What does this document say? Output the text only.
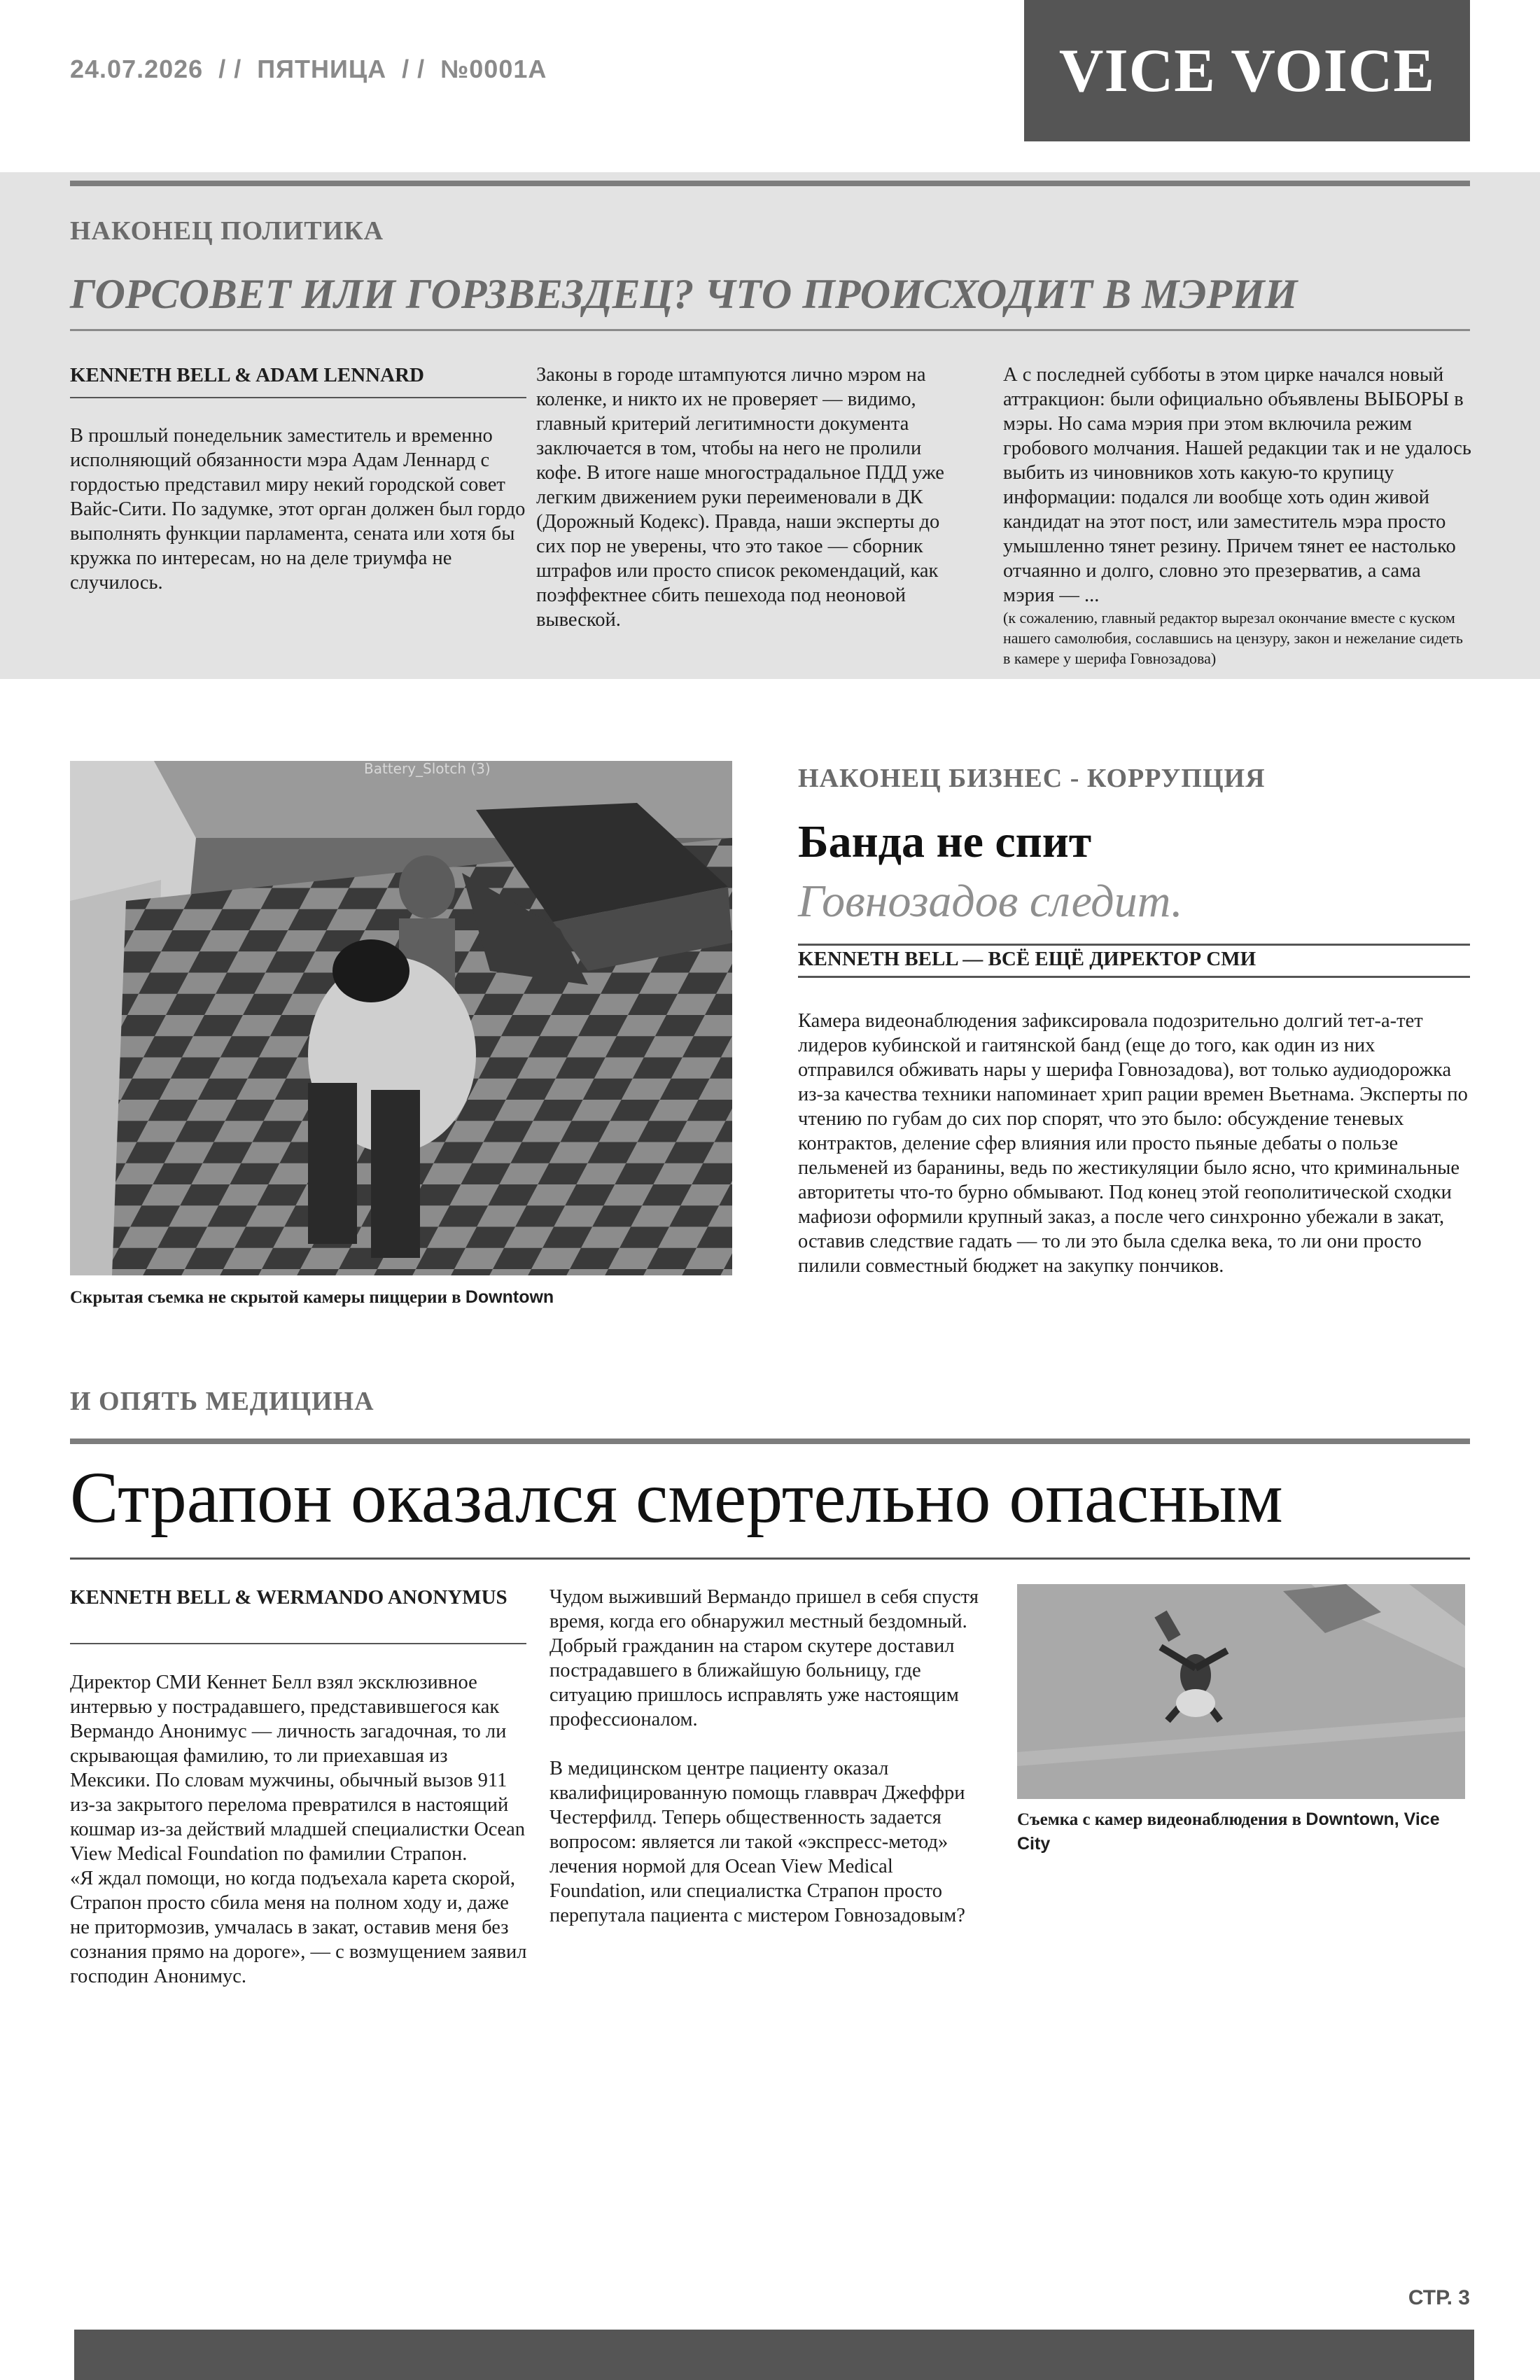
24.07.2026 / / ПЯТНИЦА / / №0001A	VICE VOICE
НАКОНЕЦ ПОЛИТИКА
ГОРСОВЕТ ИЛИ ГОРЗВЕЗДЕЦ? ЧТО ПРОИСХОДИТ В МЭРИИ
KENNETH BELL & ADAM LENNARD
В прошлый понедельник заместитель и временно исполняющий обязанности мэра Адам Леннард с гордостью представил миру некий городской совет Вайс-Сити. По задумке, этот орган должен был гордо выполнять функции парламента, сената или хотя бы кружка по интересам, но на деле триумфа не случилось.
Законы в городе штампуются лично мэром на коленке, и никто их не проверяет — видимо, главный критерий легитимности документа заключается в том, чтобы на него не пролили кофе. В итоге наше многострадальное ПДД уже легким движением руки переименовали в ДК (Дорожный Кодекс). Правда, наши эксперты до сих пор не уверены, что это такое — сборник штрафов или просто список рекомендаций, как поэффектнее сбить пешехода под неоновой вывеской.
А с последней субботы в этом цирке начался новый аттракцион: были официально объявлены ВЫБОРЫ в мэры. Но сама мэрия при этом включила режим гробового молчания. Нашей редакции так и не удалось выбить из чиновников хоть какую-то крупицу информации: подался ли вообще хоть один живой кандидат на этот пост, или заместитель мэра просто умышленно тянет резину. Причем тянет ее настолько отчаянно и долго, словно это презерватив, а сама мэрия — ...
(к сожалению, главный редактор вырезал окончание вместе с куском нашего самолюбия, сославшись на цензуру, закон и нежелание сидеть в камере у шерифа Говнозадова)
Battery_Slotch (3)
Скрытая съемка не скрытой камеры пиццерии в Downtown
НАКОНЕЦ БИЗНЕС - КОРРУПЦИЯ
Банда не спит
Говнозадов следит.
KENNETH BELL — ВСЁ ЕЩЁ ДИРЕКТОР СМИ
Камера видеонаблюдения зафиксировала подозрительно долгий тет-а-тет лидеров кубинской и гаитянской банд (еще до того, как один из них отправился обживать нары у шерифа Говнозадова), вот только аудиодорожка из-за качества техники напоминает хрип рации времен Вьетнама. Эксперты по чтению по губам до сих пор спорят, что это было: обсуждение теневых контрактов, деление сфер влияния или просто пьяные дебаты о пользе пельменей из баранины, ведь по жестикуляции было ясно, что криминальные авторитеты что-то бурно обмывают. Под конец этой геополитической сходки мафиози оформили крупный заказ, а после чего синхронно убежали в закат, оставив следствие гадать — то ли это была сделка века, то ли они просто пилили совместный бюджет на закупку пончиков.
И ОПЯТЬ МЕДИЦИНА
Страпон оказался смертельно опасным
KENNETH BELL & WERMANDO ANONYMUS

Директор СМИ Кеннет Белл взял эксклюзивное интервью у пострадавшего, представившегося как Вермандо Анонимус — личность загадочная, то ли скрывающая фамилию, то ли приехавшая из Мексики. По словам мужчины, обычный вызов 911 из-за закрытого перелома превратился в настоящий кошмар из-за действий младшей специалистки Ocean View Medical Foundation по фамилии Страпон.

«Я ждал помощи, но когда подъехала карета скорой, Страпон просто сбила меня на полном ходу и, даже не притормозив, умчалась в закат, оставив меня без сознания прямо на дороге», — с возмущением заявил господин Анонимус.

Чудом выживший Вермандо пришел в себя спустя время, когда его обнаружил местный бездомный. Добрый гражданин на старом скутере доставил пострадавшего в ближайшую больницу, где ситуацию пришлось исправлять уже настоящим профессионалом.

В медицинском центре пациенту оказал квалифицированную помощь главврач Джеффри Честерфилд. Теперь общественность задается вопросом: является ли такой «экспресс-метод» лечения нормой для Ocean View Medical Foundation, или специалистка Страпон просто перепутала пациента с мистером Говнозадовым?

Съемка с камер видеонаблюдения в Downtown, Vice City
СТР. 3
